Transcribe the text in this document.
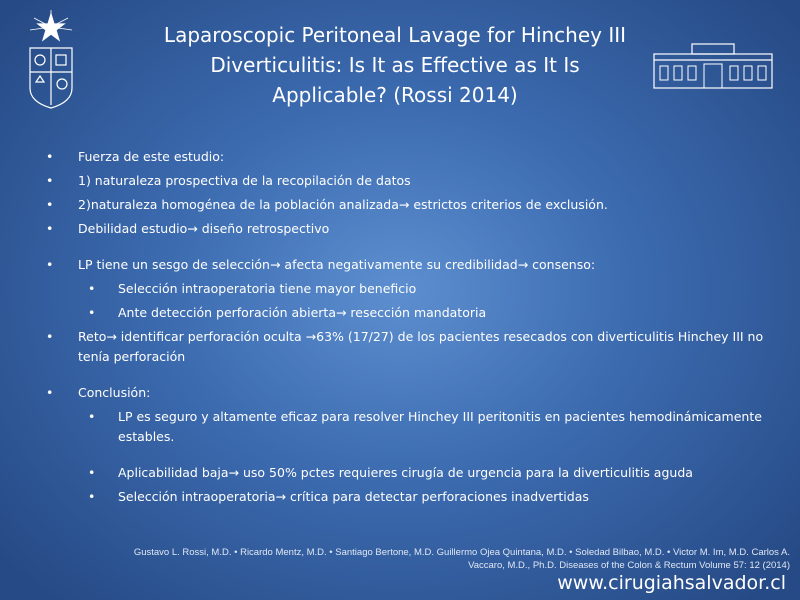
Laparoscopic Peritoneal Lavage for Hinchey III
Diverticulitis: Is It as Effective as It Is
Applicable? (Rossi 2014)
• Fuerza de este estudio:
• 1) naturaleza prospectiva de la recopilación de datos
• 2)naturaleza homogénea de la población analizada→ estrictos criterios de exclusión.
• Debilidad estudio→ diseño retrospectivo
• LP tiene un sesgo de selección→ afecta negativamente su credibilidad→ consenso:
• Selección intraoperatoria tiene mayor beneficio
• Ante detección perforación abierta→ resección mandatoria
• Reto→ identificar perforación oculta →63% (17/27) de los pacientes resecados con diverticulitis Hinchey III no tenía perforación
• Conclusión:
• LP es seguro y altamente eficaz para resolver Hinchey III peritonitis en pacientes hemodinámicamente estables.
• Aplicabilidad baja→ uso 50% pctes requieres cirugía de urgencia para la diverticulitis aguda
• Selección intraoperatoria→ crítica para detectar perforaciones inadvertidas
Gustavo L. Rossi, M.D. • Ricardo Mentz, M.D. • Santiago Bertone, M.D. Guillermo Ojea Quintana, M.D. • Soledad Bilbao, M.D. • Victor M. Im, M.D. Carlos A. Vaccaro, M.D., Ph.D. Diseases of the Colon & Rectum Volume 57: 12 (2014)
www.cirugiahsalvador.cl
